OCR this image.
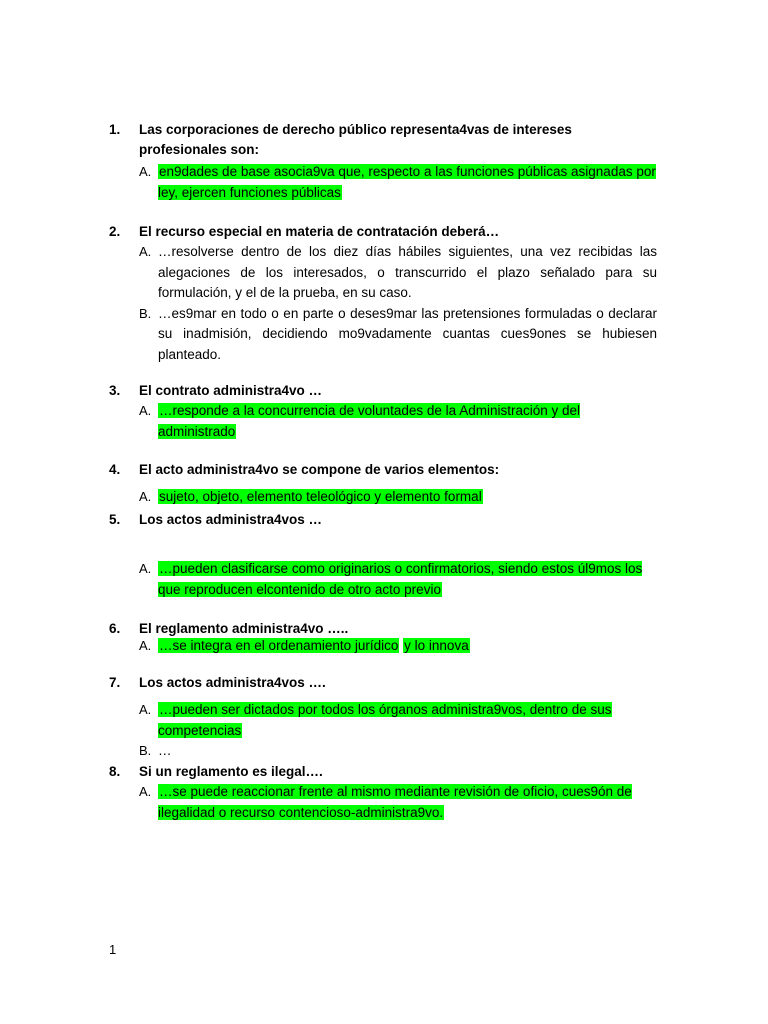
1.	Las corporaciones de derecho público representa4vas de intereses profesionales son:
A. en9dades de base asocia9va que, respecto a las funciones públicas asignadas por ley, ejercen funciones públicas
2.	El recurso especial en materia de contratación deberá…
A. …resolverse dentro de los diez días hábiles siguientes, una vez recibidas las alegaciones de los interesados, o transcurrido el plazo señalado para su formulación, y el de la prueba, en su caso.
B. …es9mar en todo o en parte o deses9mar las pretensiones formuladas o declarar su inadmisión, decidiendo mo9vadamente cuantas cues9ones se hubiesen planteado.
3.	El contrato administra4vo …
A. …responde a la concurrencia de voluntades de la Administración y del administrado
4.	El acto administra4vo se compone de varios elementos:
A. sujeto, objeto, elemento teleológico y elemento formal
5.	Los actos administra4vos …
A. …pueden clasificarse como originarios o confirmatorios, siendo estos úl9mos los que reproducen elcontenido de otro acto previo
6.	El reglamento administra4vo …..
A. …se integra en el ordenamiento jurídico y lo innova
7.	Los actos administra4vos ….
A. …pueden ser dictados por todos los órganos administra9vos, dentro de sus competencias
B. …
8.	Si un reglamento es ilegal….
A. …se puede reaccionar frente al mismo mediante revisión de oficio, cues9ón de ilegalidad o recurso contencioso-administra9vo.
1
